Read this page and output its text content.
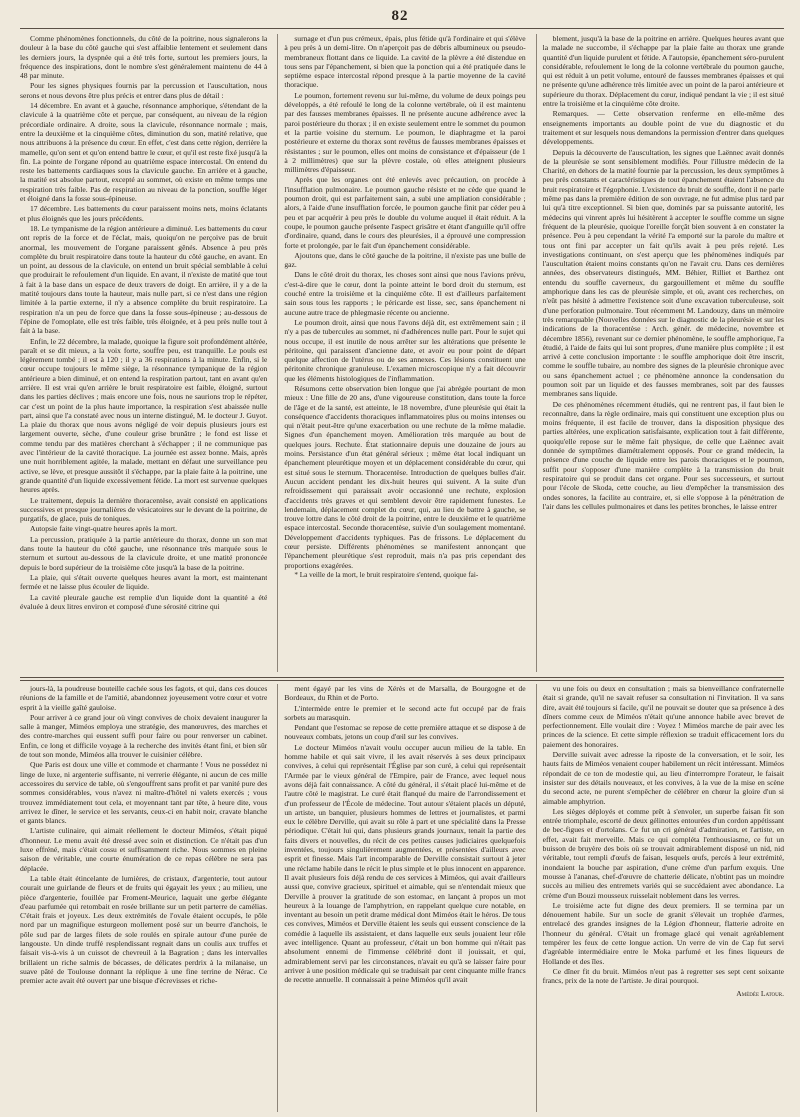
82

Comme phénomènes fonctionnels, du côté de la poitrine, nous signalerons la douleur à la base du côté gauche qui s'est affaiblie lentement et seulement dans les derniers jours, la dyspnée qui a été très forte, surtout les premiers jours, la fréquence des inspirations, dont le nombre s'est généralement maintenu de 44 à 48 par minute.

Pour les signes physiques fournis par la percussion et l'auscultation, nous serons et nous devons être plus précis et entrer dans plus de détail :

14 décembre. En avant et à gauche, résonnance amphorique, s'étendant de la clavicule à la quatrième côte et perçue, par conséquent, au niveau de la région précordiale ordinaire. A droite, sous la clavicule, résonnance normale ; mais, entre la deuxième et la cinquième côtes, diminution du son, matité relative, que nous attribuons à la présence du cœur. En effet, c'est dans cette région, derrière la mamelle, qu'on sent et qu'on entend battre le cœur, et qu'il est reste fixé jusqu'à la fin. La pointe de l'organe répond au quatrième espace intercostal. On entend du reste les battements cardiaques sous la clavicule gauche. En arrière et à gauche, la matité est absolue partout, excepté au sommet, où existe en même temps une respiration très faible. Pas de respiration au niveau de la ponction, souffle léger et éloigné dans la fosse sous-épineuse.

17 décembre. Les battements du cœur paraissent moins nets, moins éclatants et plus éloignés que les jours précédents.

18. Le tympanisme de la région antérieure a diminué. Les battements du cœur ont repris de la force et de l'éclat, mais, quoiqu'on ne perçoive pas de bruit anormal, les mouvement de l'organe paraissent gênés. Absence à peu près complète du bruit respiratoire dans toute la hauteur du côté gauche, en avant. En un point, au dessous de la clavicule, on entend un bruit spécial semblable à celui que produirait le refoulement d'un liquide. En avant, il n'existe de matité que tout à fait à la base dans un espace de deux travers de doigt. En arrière, il y a de la matité toujours dans toute la hauteur, mais nulle part, si ce n'est dans une région limitée à la partie externe, il n'y a absence complète du bruit respiratoire. La respiration n'a un peu de force que dans la fosse sous-épineuse ; au-dessous de l'épine de l'omoplate, elle est très faible, très éloignée, et à peu près nulle tout à fait à la base.

Enfin, le 22 décembre, la malade, quoique la figure soit profondément altérée, paraît et se dit mieux, a la voix forte, souffre peu, est tranquille. Le pouls est légèrement tombé ; il est à 120 ; il y a 36 respirations à la minute. Enfin, si le cœur occupe toujours le même siège, la résonnance tympanique de la région antérieure a bien diminué, et on entend la respiration partout, tant en avant qu'en arrière. Il est vrai qu'en arrière le bruit respiratoire est faible, éloigné, surtout dans les parties déclives ; mais encore une fois, nous ne saurions trop le répéter, car c'est un point de la plus haute importance, la respiration s'est abaissée nulle part, ainsi que l'a constaté avec nous un interne distingué, M. le docteur J. Guyot. La plaie du thorax que nous avons négligé de voir depuis plusieurs jours est largement ouverte, sèche, d'une couleur grise brunâtre ; le fond est lisse et comme tendu par des matières cherchant à s'échapper ; il ne communique pas avec l'intérieur de la cavité thoracique. La journée est assez bonne. Mais, après une nuit horriblement agitée, la malade, mettant en défaut une surveillance peu active, se lève, et presque aussitôt il s'échappe, par la plaie faite à la poitrine, une grande quantité d'un liquide excessivement fétide. La mort est survenue quelques heures après.

Le traitement, depuis la dernière thoracentèse, avait consisté en applications successives et presque journalières de vésicatoires sur le devant de la poitrine, de purgatifs, de glace, puis de toniques.

Autopsie faite vingt-quatre heures après la mort.

La percussion, pratiquée à la partie antérieure du thorax, donne un son mat dans toute la hauteur du côté gauche, une résonnance très marquée sous le sternum et surtout au-dessous de la clavicule droite, et une matité prononcée depuis le bord supérieur de la troisième côte jusqu'à la base de la poitrine.

La plaie, qui s'était ouverte quelques heures avant la mort, est maintenant fermée et ne laisse plus écouler de liquide.

La cavité pleurale gauche est remplie d'un liquide dont la quantité a été évaluée à deux litres environ et composé d'une sérosité citrine qui

surnage et d'un pus crémeux, épais, plus fétide qu'à l'ordinaire et qui s'élève à peu près à un demi-litre. On n'aperçoit pas de débris albumineux ou pseudo-membraneux flottant dans ce liquide. La cavité de la plèvre a été distendue en tous sens par l'épanchement, si bien que la ponction qui a été pratiquée dans le septième espace intercostal répond presque à la partie moyenne de la cavité thoracique.

Le poumon, fortement revenu sur lui-même, du volume de deux poings peu développés, a été refoulé le long de la colonne vertébrale, où il est maintenu par des fausses membranes épaisses. Il ne présente aucune adhérence avec la paroi postérieure du thorax ; il en existe seulement entre le sommet du poumon et la partie voisine du sternum. Le poumon, le diaphragme et la paroi postérieure et externe du thorax sont revêtus de fausses membranes épaisses et résistantes ; sur le poumon, elles ont moins de consistance et d'épaisseur (de 1 à 2 millimètres) que sur la plèvre costale, où elles atteignent plusieurs millimètres d'épaisseur.

Après que les organes ont été enlevés avec précaution, on procède à l'insufflation pulmonaire. Le poumon gauche résiste et ne cède que quand le poumon droit, qui est parfaitement sain, a subi une ampliation considérable ; alors, à l'aide d'une insufflation forcée, le poumon gauche finit par céder peu à peu et par acquérir à peu près le double du volume auquel il était réduit. A la coupe, le poumon gauche présente l'aspect grisâtre et étant d'anguille qu'il offre d'ordinaire, quand, dans le cours des pleurésies, il a éprouvé une compression forte et prolongée, par le fait d'un épanchement considérable.

Ajoutons que, dans le côté gauche de la poitrine, il n'existe pas une bulle de gaz.

Dans le côté droit du thorax, les choses sont ainsi que nous l'avions prévu, c'est-à-dire que le cœur, dont la pointe atteint le bord droit du sternum, est couché entre la troisième et la cinquième côte. Il est d'ailleurs parfaitement sain sous tous les rapports ; le péricarde est lisse, sec, sans épanchement ni aucune autre trace de phlegmasie récente ou ancienne.

Le poumon droit, ainsi que nous l'avons déjà dit, est extrêmement sain ; il n'y a pas de tubercules au sommet, ni d'adhérences nulle part. Pour le sujet qui nous occupe, il est inutile de nous arrêter sur les altérations que présente le péritoine, qui paraissent d'ancienne date, et avoir eu pour point de départ quelque affection de l'utérus ou de ses annexes. Ces lésions constituent une péritonite chronique granuleuse. L'examen microscopique n'y a fait découvrir que les éléments histologiques de l'inflammation.

Résumons cette observation bien longue que j'ai abrégée pourtant de mon mieux : Une fille de 20 ans, d'une vigoureuse constitution, dans toute la force de l'âge et de la santé, est atteinte, le 18 novembre, d'une pleurésie qui était la conséquence d'accidents thoraciques inflammatoires plus ou moins intenses ou qui n'était peut-être qu'une exacerbation ou une rechute de la même maladie. Signes d'un épanchement moyen. Amélioration très marquée au bout de quelques jours. Rechute. État stationnaire depuis une douzaine de jours au moins. Persistance d'un état général sérieux ; même état local indiquant un épanchement pleurétique moyen et un déplacement considérable du cœur, qui est situé sous le sternum. Thoracentèse. Introduction de quelques bulles d'air. Aucun accident pendant les dix-huit heures qui suivent. A la suite d'un refroidissement qui paraissait avoir occasionné une rechute, explosion d'accidents très graves et qui semblent devoir être rapidement funestes. Le lendemain, déplacement complet du cœur, qui, au lieu de battre à gauche, se trouve lottre dans le côté droit de la poitrine, entre le deuxième et le quatrième espace intercostal. Seconde thoracentèse, suivie d'un soulagement momentané. Développement d'accidents typhiques. Pas de frissons. Le déplacement du cœur persiste. Différents phénomènes se manifestent annonçant que l'épanchement pleurétique s'est reproduit, mais n'a pas pris cependant des proportions exagérées.

* La veille de la mort, le bruit respiratoire s'entend, quoique fai-

blement, jusqu'à la base de la poitrine en arrière. Quelques heures avant que la malade ne succombe, il s'échappe par la plaie faite au thorax une grande quantité d'un liquide purulent et fétide. A l'autopsie, épanchement séro-purulent considérable, refoulement le long de la colonne vertébrale du poumon gauche, qui est réduit à un petit volume, entouré de fausses membranes épaisses et qui ne présente qu'une adhérence très limitée avec un point de la paroi antérieure et supérieure du thorax. Déplacement du cœur, indiqué pendant la vie ; il est situé entre la troisième et la cinquième côte droite.

Remarques. — Cette observation renferme en elle-même des enseignements importants au double point de vue du diagnostic et du traitement et sur lesquels nous demandons la permission d'entrer dans quelques développements.

Depuis la découverte de l'auscultation, les signes que Laënnec avait donnés de la pleurésie se sont sensiblement modifiés. Pour l'illustre médecin de la Charité, en dehors de la matité fournie par la percussion, les deux symptômes à peu près constants et caractéristiques de tout épanchement étaient l'absence du bruit respiratoire et l'égophonie. L'existence du bruit de souffle, dont il ne parle même pas dans la première édition de son ouvrage, ne fut admise plus tard par lui qu'à titre exceptionnel. Si bien que, dominés par sa puissante autorité, les médecins qui vinrent après lui hésitèrent à accepter le souffle comme un signe fréquent de la pleurésie, quoique l'oreille forçât bien souvent à en constater la présence. Peu à peu cependant la vérité l'a emporté sur la parole du maître et tous ont fini par accepter un fait qu'ils avait à peu près rejeté. Les investigations continuant, on s'est aperçu que les phénomènes indiqués par l'auscultation étaient moins constants qu'on ne l'avait cru. Dans ces dernières années, des observateurs distingués, MM. Béhier, Rilliet et Barthez ont entendu du souffle caverneux, du gargouillement et même du souffle amphorique dans les cas de pleurésie simple, et où, avant ces recherches, on n'eût pas hésité à admettre l'existence soit d'une excavation tuberculeuse, soit d'une perforation pulmonaire. Tout récemment M. Landouzy, dans un mémoire très remarquable (Nouvelles données sur le diagnostic de la pleurésie et sur les indications de la thoracentèse : Arch. génér. de médecine, novembre et décembre 1856), revenant sur ce dernier phénomène, le souffle amphorique, l'a étudié, à l'aide de faits qui lui sont propres, d'une manière plus complète ; il est arrivé à cette conclusion importante : le souffle amphorique doit être inscrit, comme le souffle tubaire, au nombre des signes de la pleurésie chronique avec ou sans épanchement actuel ; ce phénomène annonce la condensation du poumon soit par un liquide et des fausses membranes, soit par des fausses membranes sans liquide.

De ces phénomènes récemment étudiés, qui ne rentrent pas, il faut bien le reconnaître, dans la règle ordinaire, mais qui constituent une exception plus ou moins fréquente, il est facile de trouver, dans la disposition physique des parties altérées, une explication satisfaisante, explication tout à fait différente, quoiqu'elle repose sur le même fait physique, de celle que Laënnec avait donnée de symptômes diamétralement opposés. Pour ce grand médecin, la présence d'une couche de liquide entre les parois thoraciques et le poumon, suffit pour s'opposer d'une manière complète à la transmission du bruit respiratoire qui se produit dans cet organe. Pour ses successeurs, et surtout pour l'école de Skoda, cette couche, au lieu d'empêcher la transmission des ondes sonores, la facilite au contraire, et, si elle s'oppose à la pénétration de l'air dans les cellules pulmonaires et dans les petites bronches, le laisse entrer

jours-là, la poudreuse bouteille cachée sous les fagots, et qui, dans ces douces réunions de la famille et de l'amitié, abandonnez joyeusement votre cœur et votre esprit à la vieille gaîté gauloise.

Pour arriver à ce grand jour où vingt convives de choix devaient inaugurer la salle à manger, Miméos employa une stratégie, des manœuvres, des marches et des contre-marches qui eussent suffi pour faire ou pour renverser un cabinet. Enfin, ce long et difficile voyage à la recherche des invités étant fini, et bien sûr de tout son monde, Miméos alla trouver le cuisinier célèbre.

Que Paris est doux une ville et commode et charmante ! Vous ne possédez ni linge de luxe, ni argenterie suffisante, ni verrerie élégante, ni aucun de ces mille accessoires du service de table, où s'engouffrent sans profit et par vanité pure des sommes considérables, vous n'avez ni maître-d'hôtel ni valets exercés ; vous trouvez immédiatement tout cela, et moyennant tant par tête, à heure dite, vous arrivez le dîner, le service et les servants, ceux-ci en habit noir, cravate blanche et gants blancs.

L'artiste culinaire, qui aimait réellement le docteur Miméos, s'était piqué d'honneur. Le menu avait été dressé avec soin et distinction. Ce n'était pas d'un luxe effréné, mais c'était cossu et suffisamment riche. Nous sommes en pleine saison de véritable, une courte énumération de ce repas célèbre ne sera pas déplacée.

La table était étincelante de lumières, de cristaux, d'argenterie, tout autour courait une guirlande de fleurs et de fruits qui égayait les yeux ; au milieu, une pièce d'argenterie, fouillée par Froment-Meurice, laquait une gerbe élégante d'eau parfumée qui retombait en rosée brillante sur un petit parterre de camélias. C'était frais et joyeux. Les deux extrémités de l'ovale étaient occupés, le pôle nord par un magnifique esturgeon mollement posé sur un beurre d'anchois, le pôle sud par de larges filets de sole roulés en spirale autour d'une purée de langouste. Un dinde truffé resplendissant regnait dans un coulis aux truffes et faisait vis-à-vis à un cuissot de chevreuil à la Bagration ; dans les intervalles brillaient un riche salmis de bécasses, de délicates perdrix à la milanaise, un suave pâté de Toulouse donnant la réplique à une fine terrine de Nérac. Ce premier acte avait été ouvert par une bisque d'écrevisses et riche-

ment égayé par les vins de Xérès et de Marsalla, de Bourgogne et de Bordeaux, du Rhin et de Porto.

L'intermède entre le premier et le second acte fut occupé par de frais sorbets au marasquin.

Pendant que l'estomac se repose de cette première attaque et se dispose à de nouveaux combats, jetons un coup d'œil sur les convives.

Le docteur Miméos n'avait voulu occuper aucun milieu de la table. En homme habile et qui sait vivre, il les avait réservés à ses deux principaux convives, à celui qui représentait l'Église par son curé, à celui qui représentait l'Armée par le vieux général de l'Empire, pair de France, avec lequel nous avons déjà fait connaissance. A côté du général, il s'était placé lui-même et de l'autre côté le magistrat. Le curé était flanqué du maire de l'arrondissement et d'un professeur de l'École de médecine. Tout autour s'étaient placés un député, un artiste, un banquier, plusieurs hommes de lettres et journalistes, et parmi eux le célèbre Derville, qui avait su rôle à part et une spécialité dans la Presse périodique. C'était lui qui, dans plusieurs grands journaux, tenait la partie des faits divers et nouvelles, du récit de ces petites causes judiciaires quelquefois inventées, toujours singulièrement augmentées, et présentées d'ailleurs avec esprit et finesse. Mais l'art incomparable de Derville consistait surtout à jeter une réclame habile dans le récit le plus simple et le plus innocent en apparence. Il avait plusieurs fois déjà rendu de ces services à Miméos, qui avait d'ailleurs aussi que, convive gracieux, spirituel et aimable, qui se n'entendait mieux que Derville à prouver la gratitude de son estomac, en lançant à propos un mot heureux à la louange de l'amphytrion, en rappelant quelque cure notable, en inventant au besoin un petit drame médical dont Miméos était le héros. De tous ces convives, Miméos et Derville étaient les seuls qui eussent conscience de la comédie à laquelle ils assistaient, et dans laquelle eux seuls jouaient leur rôle avec intelligence. Quant au professeur, c'était un bon homme qui n'était pas absolument ennemi de l'immense célébrité dont il jouissait, et qui, admirablement servi par les circonstances, n'avait eu qu'à se laisser faire pour arriver à une position médicale qui se traduisait par cent cinquante mille francs de recette annuelle. Il connaissait à peine Miméos qu'il avait

vu une fois ou deux en consultation ; mais sa bienveillance confraternelle était si grande, qu'il ne savait refuser sa consultation ni l'invitation. Il va sans dire, avait été toujours si facile, qu'il ne pouvait se douter que sa présence à des dîners comme ceux de Miméos n'était qu'une annonce habile avec brevet de perfectionnement. Elle voulait dire : Voyez ! Miméos marche de pair avec les princes de la science. Et cette simple réflexion se traduit efficacement lors du paiement des honoraires.

Derville suivait avec adresse la riposte de la conversation, et le soir, les hauts faits de Miméos venaient couper habilement un récit intéressant. Miméos répondait de ce ton de modestie qui, au lieu d'interrompre l'orateur, le faisait insister sur des détails nouveaux, et les convives, à la vue de la mise en scène du second acte, ne purent s'empêcher de célébrer en chœur la gloire d'un si aimable amphytrion.

Les sièges déployés et comme prêt à s'envoler, un superbe faisan fit son entrée triomphale, escorté de deux gélinottes entourées d'un cordon appétissant de bec-figues et d'ortolans. Ce fut un cri général d'admiration, et l'artiste, en effet, avait fait merveille. Mais ce qui compléta l'enthousiasme, ce fut un buisson de bruyère des bois où se trouvait admirablement disposé un nid, nid véritable, tout rempli d'œufs de faisan, lesquels œufs, percés à leur extrémité, inondaient la bouche par aspiration, d'une crème d'un parfum exquis. Une mousse à l'ananas, chef-d'œuvre de chatterie délicate, n'obtint pas un moindre succès au milieu des entremets variés qui se succédaient avec abondance. La crème d'un Bouzi mousseux ruisselait noblement dans les verres.

Le troisième acte fut digne des deux premiers. Il se termina par un dénouement habile. Sur un socle de granit s'élevait un trophée d'armes, entrelacé des grandes insignes de la Légion d'honneur, flatterie adroite en l'honneur du général. C'était un fromage glacé qui venait agréablement tempérer les feux de cette longue action. Un verre de vin de Cap fut servi d'agréable intermédiaire entre le Moka parfumé et les fines liqueurs de Hollande et des îles.

Ce dîner fit du bruit. Miméos n'eut pas à regretter ses sept cent soixante francs, prix de la note de l'artiste. Je dirai pourquoi.

Amédée Latour.
